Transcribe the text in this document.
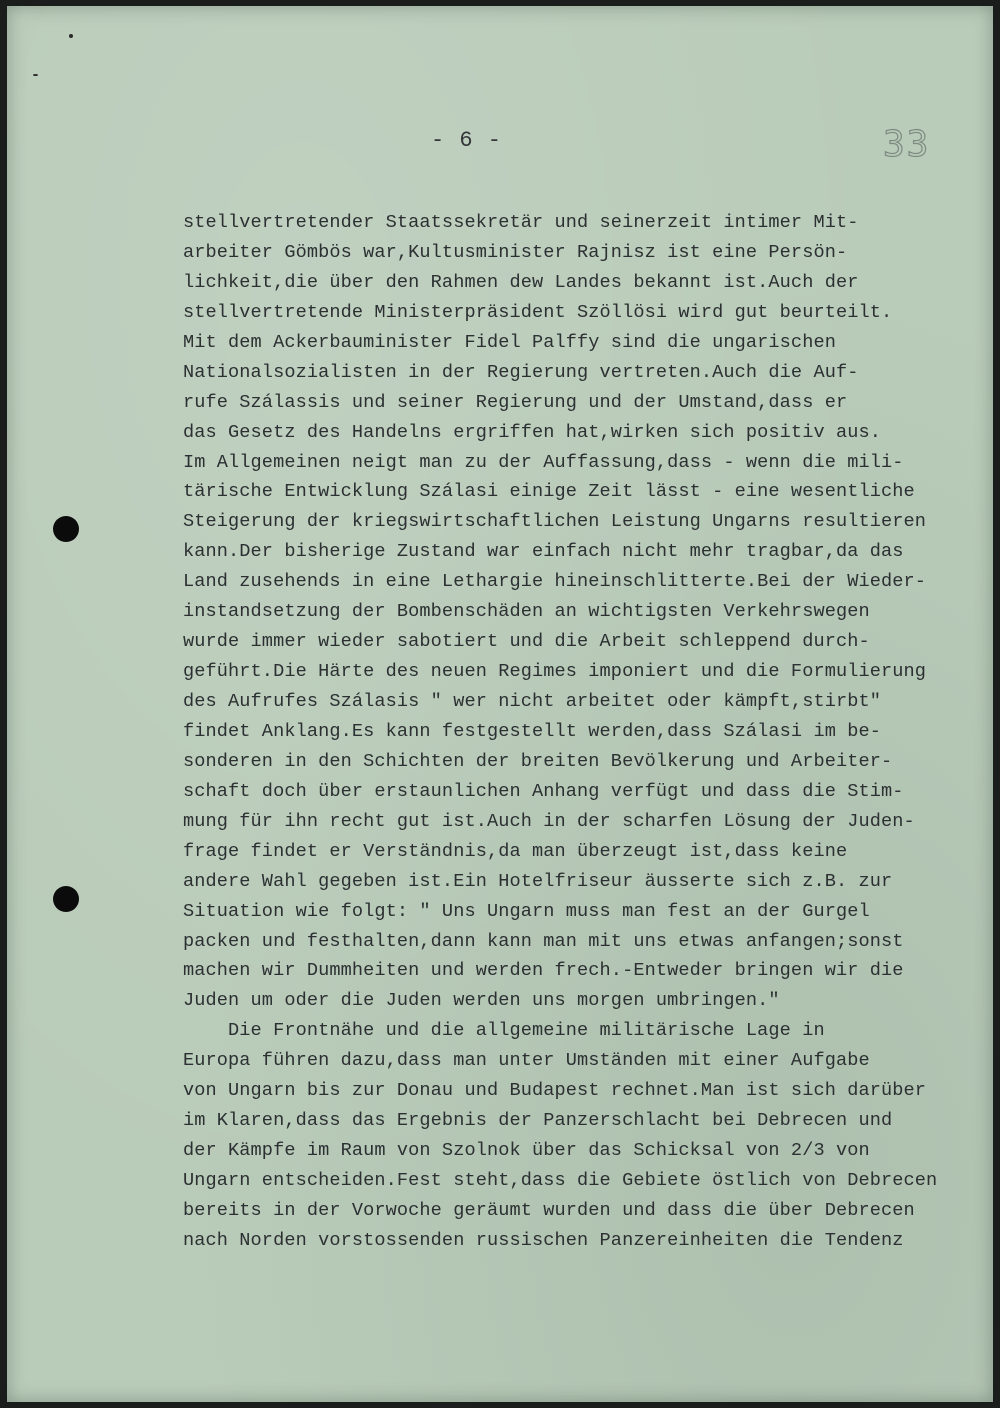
- 6 -	33
stellvertretender Staatssekretär und seinerzeit intimer Mit-
arbeiter Gömbös war,Kultusminister Rajnisz ist eine Persön-
lichkeit,die über den Rahmen dew Landes bekannt ist.Auch der
stellvertretende Ministerpräsident Szöllösi wird gut beurteilt.
Mit dem Ackerbauminister Fidel Palffy sind die ungarischen
Nationalsozialisten in der Regierung vertreten.Auch die Auf-
rufe Szálassis und seiner Regierung und der Umstand,dass er
das Gesetz des Handelns ergriffen hat,wirken sich positiv aus.
Im Allgemeinen neigt man zu der Auffassung,dass - wenn die mili-
tärische Entwicklung Szálasi einige Zeit lässt - eine wesentliche
Steigerung der kriegswirtschaftlichen Leistung Ungarns resultieren
kann.Der bisherige Zustand war einfach nicht mehr tragbar,da das
Land zusehends in eine Lethargie hineinschlitterte.Bei der Wieder-
instandsetzung der Bombenschäden an wichtigsten Verkehrswegen
wurde immer wieder sabotiert und die Arbeit schleppend durch-
geführt.Die Härte des neuen Regimes imponiert und die Formulierung
des Aufrufes Szálasis " wer nicht arbeitet oder kämpft,stirbt"
findet Anklang.Es kann festgestellt werden,dass Szálasi im be-
sonderen in den Schichten der breiten Bevölkerung und Arbeiter-
schaft doch über erstaunlichen Anhang verfügt und dass die Stim-
mung für ihn recht gut ist.Auch in der scharfen Lösung der Juden-
frage findet er Verständnis,da man überzeugt ist,dass keine
andere Wahl gegeben ist.Ein Hotelfriseur äusserte sich z.B. zur
Situation wie folgt: " Uns Ungarn muss man fest an der Gurgel
packen und festhalten,dann kann man mit uns etwas anfangen;sonst
machen wir Dummheiten und werden frech.-Entweder bringen wir die
Juden um oder die Juden werden uns morgen umbringen."
Die Frontnähe und die allgemeine militärische Lage in
Europa führen dazu,dass man unter Umständen mit einer Aufgabe
von Ungarn bis zur Donau und Budapest rechnet.Man ist sich darüber
im Klaren,dass das Ergebnis der Panzerschlacht bei Debrecen und
der Kämpfe im Raum von Szolnok über das Schicksal von 2/3 von
Ungarn entscheiden.Fest steht,dass die Gebiete östlich von Debrecen
bereits in der Vorwoche geräumt wurden und dass die über Debrecen
nach Norden vorstossenden russischen Panzereinheiten die Tendenz
